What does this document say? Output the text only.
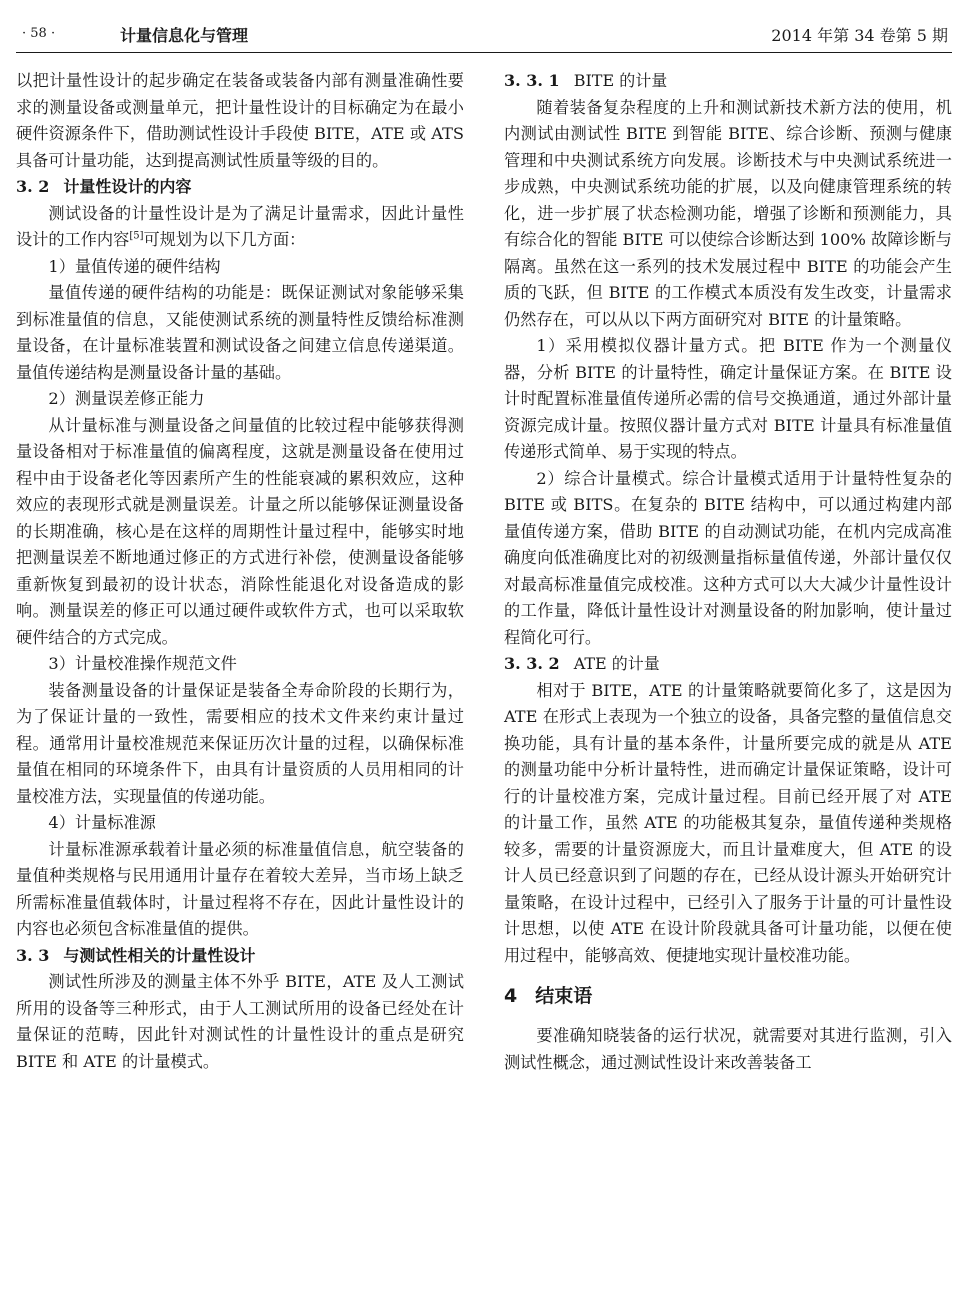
· 58 ·	计量信息化与管理	2014 年第 34 卷第 5 期

以把计量性设计的起步确定在装备或装备内部有测量准确性要求的测量设备或测量单元，把计量性设计的目标确定为在最小硬件资源条件下，借助测试性设计手段使 BITE，ATE 或 ATS 具备可计量功能，达到提高测试性质量等级的目的。

3. 2 计量性设计的内容

测试设备的计量性设计是为了满足计量需求，因此计量性设计的工作内容[5]可规划为以下几方面：

1）量值传递的硬件结构

量值传递的硬件结构的功能是：既保证测试对象能够采集到标准量值的信息，又能使测试系统的测量特性反馈给标准测量设备，在计量标准装置和测试设备之间建立信息传递渠道。量值传递结构是测量设备计量的基础。

2）测量误差修正能力

从计量标准与测量设备之间量值的比较过程中能够获得测量设备相对于标准量值的偏离程度，这就是测量设备在使用过程中由于设备老化等因素所产生的性能衰减的累积效应，这种效应的表现形式就是测量误差。计量之所以能够保证测量设备的长期准确，核心是在这样的周期性计量过程中，能够实时地把测量误差不断地通过修正的方式进行补偿，使测量设备能够重新恢复到最初的设计状态，消除性能退化对设备造成的影响。测量误差的修正可以通过硬件或软件方式，也可以采取软硬件结合的方式完成。

3）计量校准操作规范文件

装备测量设备的计量保证是装备全寿命阶段的长期行为，为了保证计量的一致性，需要相应的技术文件来约束计量过程。通常用计量校准规范来保证历次计量的过程，以确保标准量值在相同的环境条件下，由具有计量资质的人员用相同的计量校准方法，实现量值的传递功能。

4）计量标准源

计量标准源承载着计量必须的标准量值信息，航空装备的量值种类规格与民用通用计量存在着较大差异，当市场上缺乏所需标准量值载体时，计量过程将不存在，因此计量性设计的内容也必须包含标准量值的提供。

3. 3 与测试性相关的计量性设计

测试性所涉及的测量主体不外乎 BITE，ATE 及人工测试所用的设备等三种形式，由于人工测试所用的设备已经处在计量保证的范畴，因此针对测试性的计量性设计的重点是研究 BITE 和 ATE 的计量模式。

3. 3. 1 BITE 的计量

随着装备复杂程度的上升和测试新技术新方法的使用，机内测试由测试性 BITE 到智能 BITE、综合诊断、预测与健康管理和中央测试系统方向发展。诊断技术与中央测试系统进一步成熟，中央测试系统功能的扩展，以及向健康管理系统的转化，进一步扩展了状态检测功能，增强了诊断和预测能力，具有综合化的智能 BITE 可以使综合诊断达到 100% 故障诊断与隔离。虽然在这一系列的技术发展过程中 BITE 的功能会产生质的飞跃，但 BITE 的工作模式本质没有发生改变，计量需求仍然存在，可以从以下两方面研究对 BITE 的计量策略。

1）采用模拟仪器计量方式。把 BITE 作为一个测量仪器，分析 BITE 的计量特性，确定计量保证方案。在 BITE 设计时配置标准量值传递所必需的信号交换通道，通过外部计量资源完成计量。按照仪器计量方式对 BITE 计量具有标准量值传递形式简单、易于实现的特点。

2）综合计量模式。综合计量模式适用于计量特性复杂的 BITE 或 BITS。在复杂的 BITE 结构中，可以通过构建内部量值传递方案，借助 BITE 的自动测试功能，在机内完成高准确度向低准确度比对的初级测量指标量值传递，外部计量仅仅对最高标准量值完成校准。这种方式可以大大减少计量性设计的工作量，降低计量性设计对测量设备的附加影响，使计量过程简化可行。

3. 3. 2 ATE 的计量

相对于 BITE，ATE 的计量策略就要简化多了，这是因为 ATE 在形式上表现为一个独立的设备，具备完整的量值信息交换功能，具有计量的基本条件，计量所要完成的就是从 ATE 的测量功能中分析计量特性，进而确定计量保证策略，设计可行的计量校准方案，完成计量过程。目前已经开展了对 ATE 的计量工作，虽然 ATE 的功能极其复杂，量值传递种类规格较多，需要的计量资源庞大，而且计量难度大，但 ATE 的设计人员已经意识到了问题的存在，已经从设计源头开始研究计量策略，在设计过程中，已经引入了服务于计量的可计量性设计思想，以使 ATE 在设计阶段就具备可计量功能，以便在使用过程中，能够高效、便捷地实现计量校准功能。

4 结束语

要准确知晓装备的运行状况，就需要对其进行监测，引入测试性概念，通过测试性设计来改善装备工
